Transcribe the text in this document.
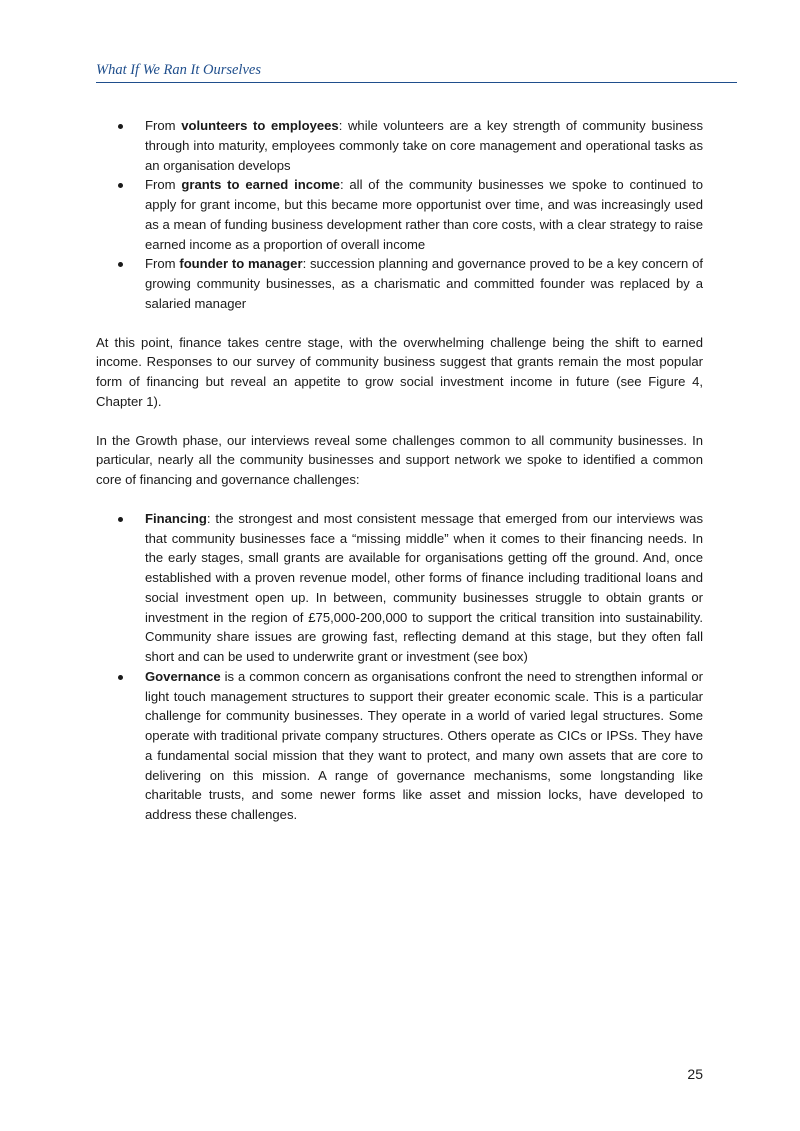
What If We Ran It Ourselves
From volunteers to employees: while volunteers are a key strength of community business through into maturity, employees commonly take on core management and operational tasks as an organisation develops
From grants to earned income: all of the community businesses we spoke to continued to apply for grant income, but this became more opportunist over time, and was increasingly used as a mean of funding business development rather than core costs, with a clear strategy to raise earned income as a proportion of overall income
From founder to manager: succession planning and governance proved to be a key concern of growing community businesses, as a charismatic and committed founder was replaced by a salaried manager

At this point, finance takes centre stage, with the overwhelming challenge being the shift to earned income. Responses to our survey of community business suggest that grants remain the most popular form of financing but reveal an appetite to grow social investment income in future (see Figure 4, Chapter 1).

In the Growth phase, our interviews reveal some challenges common to all community businesses. In particular, nearly all the community businesses and support network we spoke to identified a common core of financing and governance challenges:

Financing: the strongest and most consistent message that emerged from our interviews was that community businesses face a “missing middle” when it comes to their financing needs. In the early stages, small grants are available for organisations getting off the ground. And, once established with a proven revenue model, other forms of finance including traditional loans and social investment open up. In between, community businesses struggle to obtain grants or investment in the region of £75,000-200,000 to support the critical transition into sustainability. Community share issues are growing fast, reflecting demand at this stage, but they often fall short and can be used to underwrite grant or investment (see box)
Governance is a common concern as organisations confront the need to strengthen informal or light touch management structures to support their greater economic scale. This is a particular challenge for community businesses. They operate in a world of varied legal structures. Some operate with traditional private company structures. Others operate as CICs or IPSs. They have a fundamental social mission that they want to protect, and many own assets that are core to delivering on this mission. A range of governance mechanisms, some longstanding like charitable trusts, and some newer forms like asset and mission locks, have developed to address these challenges.
25
